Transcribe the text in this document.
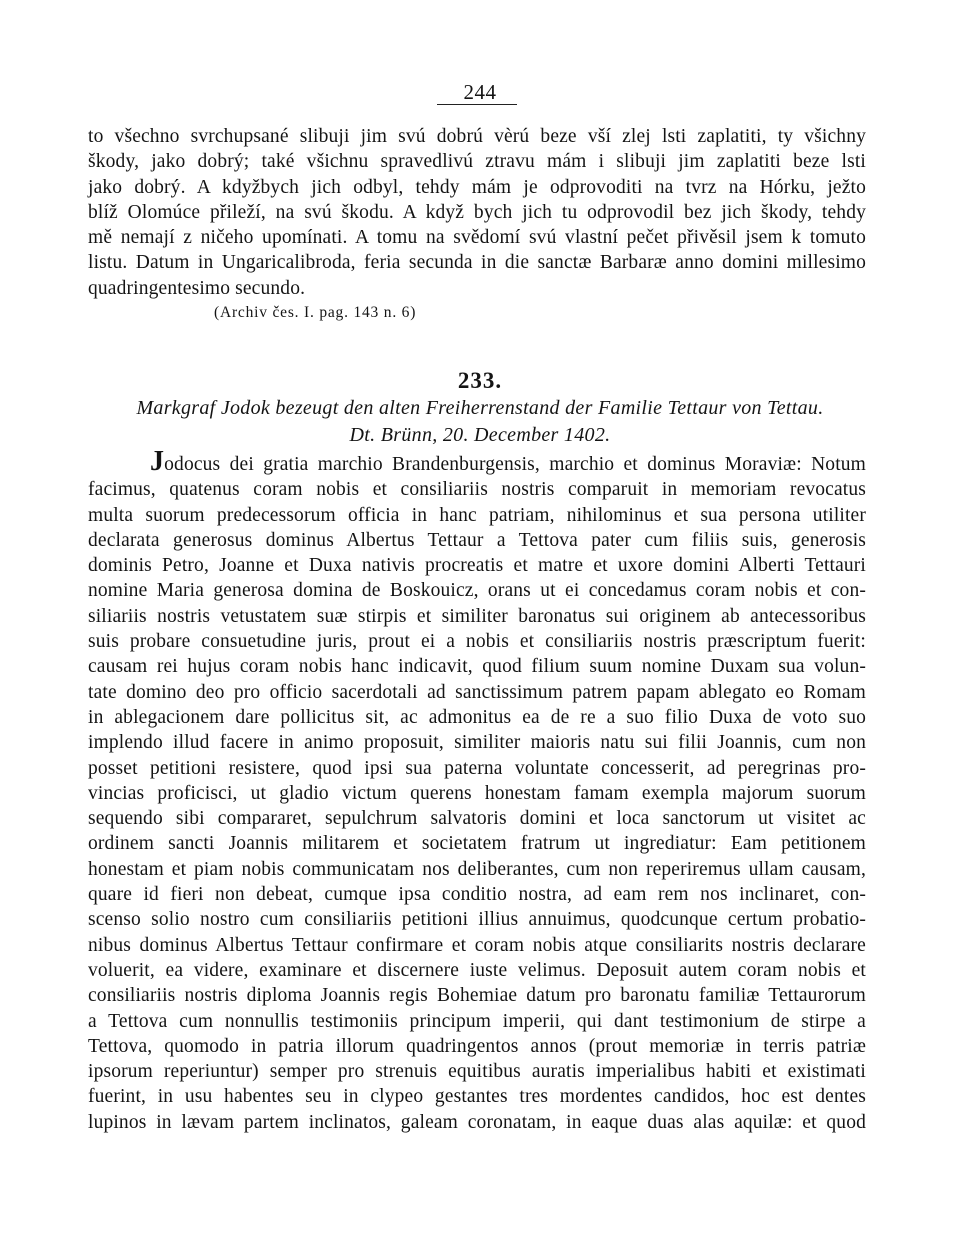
244
to všechno svrchupsané slibuji jim svú dobrú vèrú beze vší zlej lsti zaplatiti, ty všichny
škody, jako dobrý; také všichnu spravedlivú ztravu mám i slibuji jim zaplatiti beze lsti
jako dobrý. A kdyžbych jich odbyl, tehdy mám je odprovoditi na tvrz na Hórku, ježto
blíž Olomúce přileží, na svú škodu. A když bych jich tu odprovodil bez jich škody, tehdy
mě nemají z ničeho upomínati. A tomu na svědomí svú vlastní pečet přivěsil jsem k tomuto
listu. Datum in Ungaricalibroda, feria secunda in die sanctæ Barbaræ anno domini millesimo
quadringentesimo secundo.
(Archiv čes. I. pag. 143 n. 6)
233.
Markgraf Jodok bezeugt den alten Freiherrenstand der Familie Tettaur von Tettau.
Dt. Brünn, 20. December 1402.
Jodocus dei gratia marchio Brandenburgensis, marchio et dominus Moraviæ: Notum
facimus, quatenus coram nobis et consiliariis nostris comparuit in memoriam revocatus
multa suorum predecessorum officia in hanc patriam, nihilominus et sua persona utiliter
declarata generosus dominus Albertus Tettaur a Tettova pater cum filiis suis, generosis
dominis Petro, Joanne et Duxa nativis procreatis et matre et uxore domini Alberti Tettauri
nomine Maria generosa domina de Boskouicz, orans ut ei concedamus coram nobis et con-
siliariis nostris vetustatem suæ stirpis et similiter baronatus sui originem ab antecessoribus
suis probare consuetudine juris, prout ei a nobis et consiliariis nostris præscriptum fuerit:
causam rei hujus coram nobis hanc indicavit, quod filium suum nomine Duxam sua volun-
tate domino deo pro officio sacerdotali ad sanctissimum patrem papam ablegato eo Romam
in ablegacionem dare pollicitus sit, ac admonitus ea de re a suo filio Duxa de voto suo
implendo illud facere in animo proposuit, similiter maioris natu sui filii Joannis, cum non
posset petitioni resistere, quod ipsi sua paterna voluntate concesserit, ad peregrinas pro-
vincias proficisci, ut gladio victum querens honestam famam exempla majorum suorum
sequendo sibi compararet, sepulchrum salvatoris domini et loca sanctorum ut visitet ac
ordinem sancti Joannis militarem et societatem fratrum ut ingrediatur: Eam petitionem
honestam et piam nobis communicatam nos deliberantes, cum non reperiremus ullam causam,
quare id fieri non debeat, cumque ipsa conditio nostra, ad eam rem nos inclinaret, con-
scenso solio nostro cum consiliariis petitioni illius annuimus, quodcunque certum probatio-
nibus dominus Albertus Tettaur confirmare et coram nobis atque consiliarits nostris declarare
voluerit, ea videre, examinare et discernere iuste velimus. Deposuit autem coram nobis et
consiliariis nostris diploma Joannis regis Bohemiae datum pro baronatu familiæ Tettaurorum
a Tettova cum nonnullis testimoniis principum imperii, qui dant testimonium de stirpe a
Tettova, quomodo in patria illorum quadringentos annos (prout memoriæ in terris patriæ
ipsorum reperiuntur) semper pro strenuis equitibus auratis imperialibus habiti et existimati
fuerint, in usu habentes seu in clypeo gestantes tres mordentes candidos, hoc est dentes
lupinos in lævam partem inclinatos, galeam coronatam, in eaque duas alas aquilæ: et quod
